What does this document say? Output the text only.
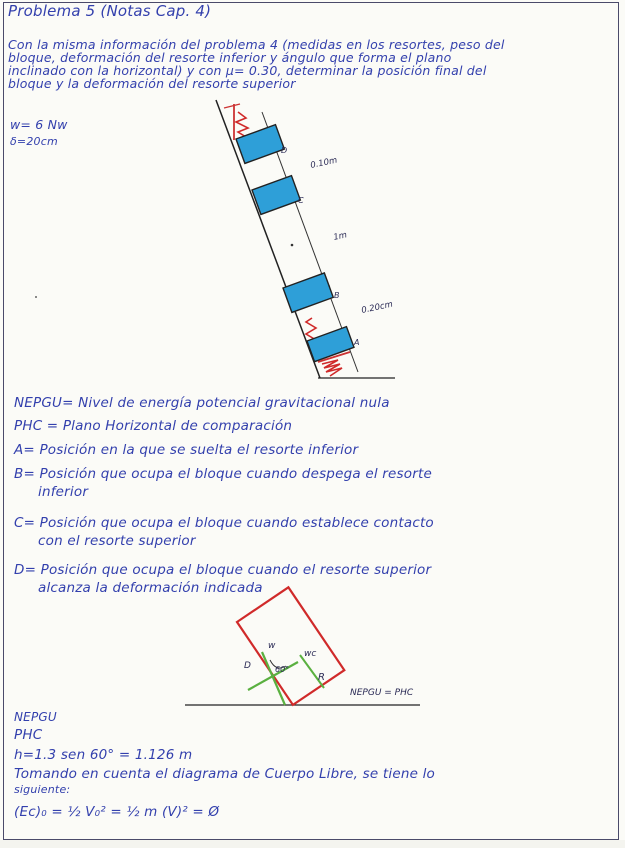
Problema 5 (Notas Cap. 4)
Con la misma información del problema 4 (medidas en los resortes, peso del
bloque, deformación del resorte inferior y ángulo que forma el plano
inclinado con la horizontal) y con μ= 0.30, determinar la posición final del
bloque y la deformación del resorte superior
w= 6 Nw
δ=20cm
D
C
B
A
0.10m
1m
0.20cm
NEPGU= Nivel de energía potencial gravitacional nula
PHC = Plano Horizontal de comparación
A= Posición en la que se suelta el resorte inferior
B= Posición que ocupa el bloque cuando despega el resorte
inferior
C= Posición que ocupa el bloque cuando establece contacto
con el resorte superior
D= Posición que ocupa el bloque cuando el resorte superior
alcanza la deformación indicada
w
60°
wc
D
R
NEPGU = PHC
NEPGU
PHC
h=1.3 sen 60° = 1.126 m
Tomando en cuenta el diagrama de Cuerpo Libre, se tiene lo
siguiente:
(Ec)₀ = ½ V₀² = ½ m (V)² = Ø
